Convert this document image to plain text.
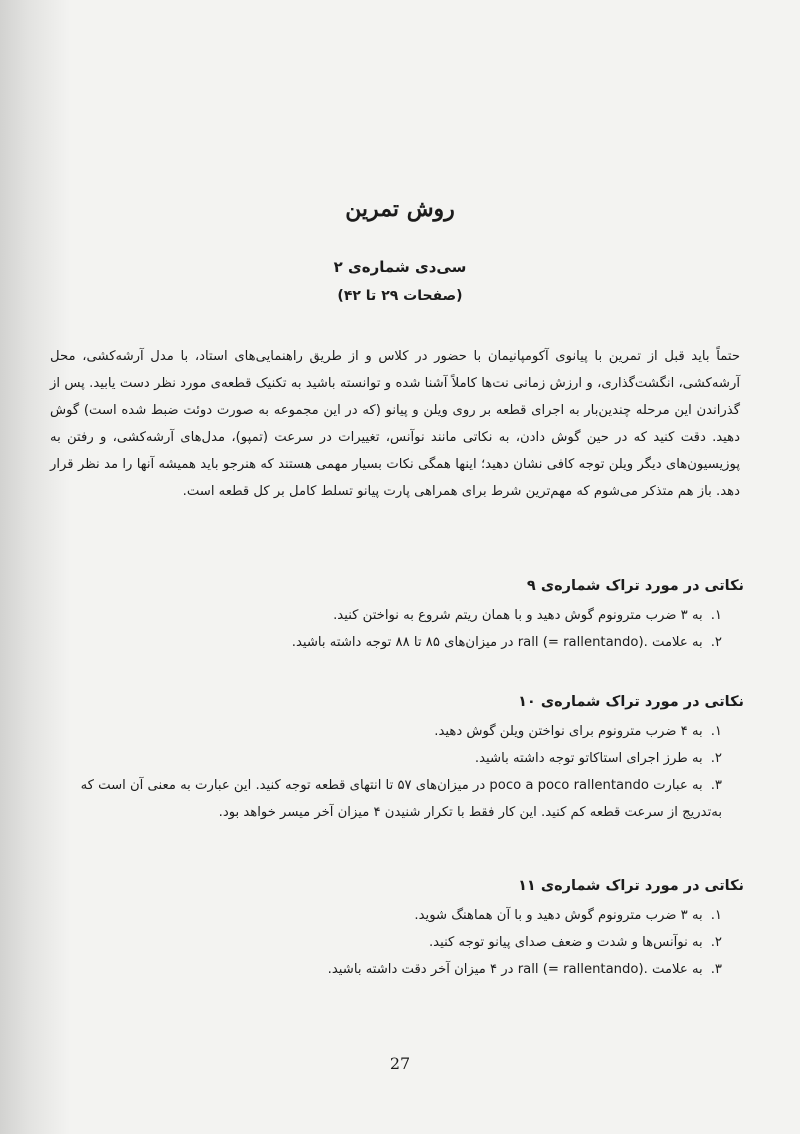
روش تمرین
سی‌دی شماره‌ی ۲
(صفحات ۲۹ تا ۴۲)

حتماً باید قبل از تمرین با پیانوی آکومپانیمان با حضور در کلاس و از طریق راهنمایی‌های استاد، با مدل آرشه‌کشی، محل آرشه‌کشی، انگشت‌گذاری، و ارزش زمانی نت‌ها کاملاً آشنا شده و توانسته باشید به تکنیک قطعه‌ی مورد نظر دست یابید. پس از گذراندن این مرحله چندین‌بار به اجرای قطعه بر روی ویلن و پیانو (که در این مجموعه به صورت دوئت ضبط شده است) گوش دهید. دقت کنید که در حین گوش دادن، به نکاتی مانند نوآنس، تغییرات در سرعت (تمپو)، مدل‌های آرشه‌کشی، و رفتن به پوزیسیون‌های دیگر ویلن توجه کافی نشان دهید؛ اینها همگی نکات بسیار مهمی هستند که هنرجو باید همیشه آنها را مد نظر قرار دهد. باز هم متذکر می‌شوم که مهم‌ترین شرط برای همراهی پارت پیانو تسلط کامل بر کل قطعه است.

نکاتی در مورد تراک شماره‌ی ۹
۱.به ۳ ضرب مترونوم گوش دهید و با همان ریتم شروع به نواختن کنید.
۲.به علامت .rall (= rallentando) در میزان‌های ۸۵ تا ۸۸ توجه داشته باشید.
نکاتی در مورد تراک شماره‌ی ۱۰
۱.به ۴ ضرب مترونوم برای نواختن ویلن گوش دهید.
۲.به طرز اجرای استاکاتو توجه داشته باشید.
۳.به عبارت poco a poco rallentando در میزان‌های ۵۷ تا انتهای قطعه توجه کنید. این عبارت به معنی آن است که به‌تدریج از سرعت قطعه کم کنید. این کار فقط با تکرار شنیدن ۴ میزان آخر میسر خواهد بود.
نکاتی در مورد تراک شماره‌ی ۱۱
۱.به ۳ ضرب مترونوم گوش دهید و با آن هماهنگ شوید.
۲.به نوآنس‌ها و شدت و ضعف صدای پیانو توجه کنید.
۳.به علامت .rall (= rallentando) در ۴ میزان آخر دقت داشته باشید.
27
